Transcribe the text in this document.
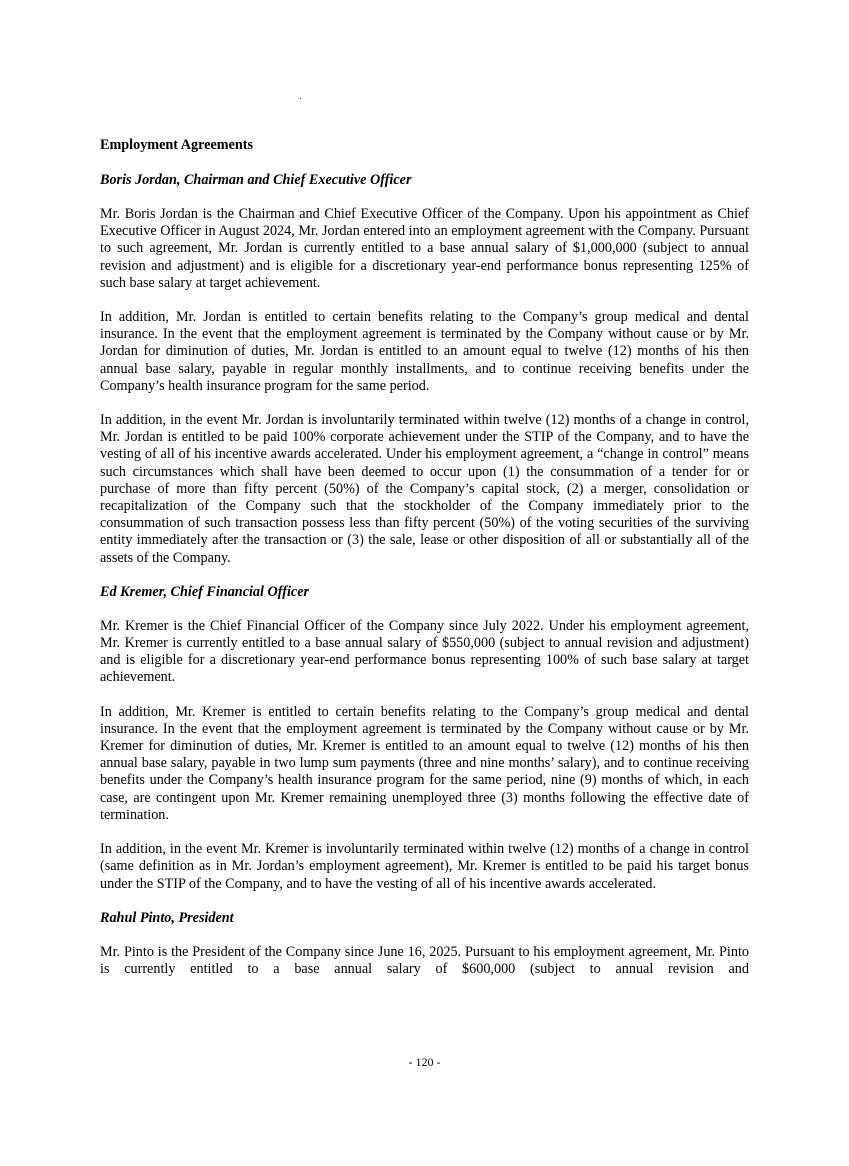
Employment Agreements
Boris Jordan, Chairman and Chief Executive Officer

Mr. Boris Jordan is the Chairman and Chief Executive Officer of the Company. Upon his appointment as Chief Executive Officer in August 2024, Mr. Jordan entered into an employment agreement with the Company. Pursuant to such agreement, Mr. Jordan is currently entitled to a base annual salary of $1,000,000 (subject to annual revision and adjustment) and is eligible for a discretionary year-end performance bonus representing 125% of such base salary at target achievement.

In addition, Mr. Jordan is entitled to certain benefits relating to the Company’s group medical and dental insurance. In the event that the employment agreement is terminated by the Company without cause or by Mr. Jordan for diminution of duties, Mr. Jordan is entitled to an amount equal to twelve (12) months of his then annual base salary, payable in regular monthly installments, and to continue receiving benefits under the Company’s health insurance program for the same period.

In addition, in the event Mr. Jordan is involuntarily terminated within twelve (12) months of a change in control, Mr. Jordan is entitled to be paid 100% corporate achievement under the STIP of the Company, and to have the vesting of all of his incentive awards accelerated. Under his employment agreement, a “change in control” means such circumstances which shall have been deemed to occur upon (1) the consummation of a tender for or purchase of more than fifty percent (50%) of the Company’s capital stock, (2) a merger, consolidation or recapitalization of the Company such that the stockholder of the Company immediately prior to the consummation of such transaction possess less than fifty percent (50%) of the voting securities of the surviving entity immediately after the transaction or (3) the sale, lease or other disposition of all or substantially all of the assets of the Company.

Ed Kremer, Chief Financial Officer

Mr. Kremer is the Chief Financial Officer of the Company since July 2022. Under his employment agreement, Mr. Kremer is currently entitled to a base annual salary of $550,000 (subject to annual revision and adjustment) and is eligible for a discretionary year-end performance bonus representing 100% of such base salary at target achievement.

In addition, Mr. Kremer is entitled to certain benefits relating to the Company’s group medical and dental insurance. In the event that the employment agreement is terminated by the Company without cause or by Mr. Kremer for diminution of duties, Mr. Kremer is entitled to an amount equal to twelve (12) months of his then annual base salary, payable in two lump sum payments (three and nine months’ salary), and to continue receiving benefits under the Company’s health insurance program for the same period, nine (9) months of which, in each case, are contingent upon Mr. Kremer remaining unemployed three (3) months following the effective date of termination.

In addition, in the event Mr. Kremer is involuntarily terminated within twelve (12) months of a change in control (same definition as in Mr. Jordan’s employment agreement), Mr. Kremer is entitled to be paid his target bonus under the STIP of the Company, and to have the vesting of all of his incentive awards accelerated.

Rahul Pinto, President

Mr. Pinto is the President of the Company since June 16, 2025. Pursuant to his employment agreement, Mr. Pinto is currently entitled to a base annual salary of $600,000 (subject to annual revision and

- 120 -
